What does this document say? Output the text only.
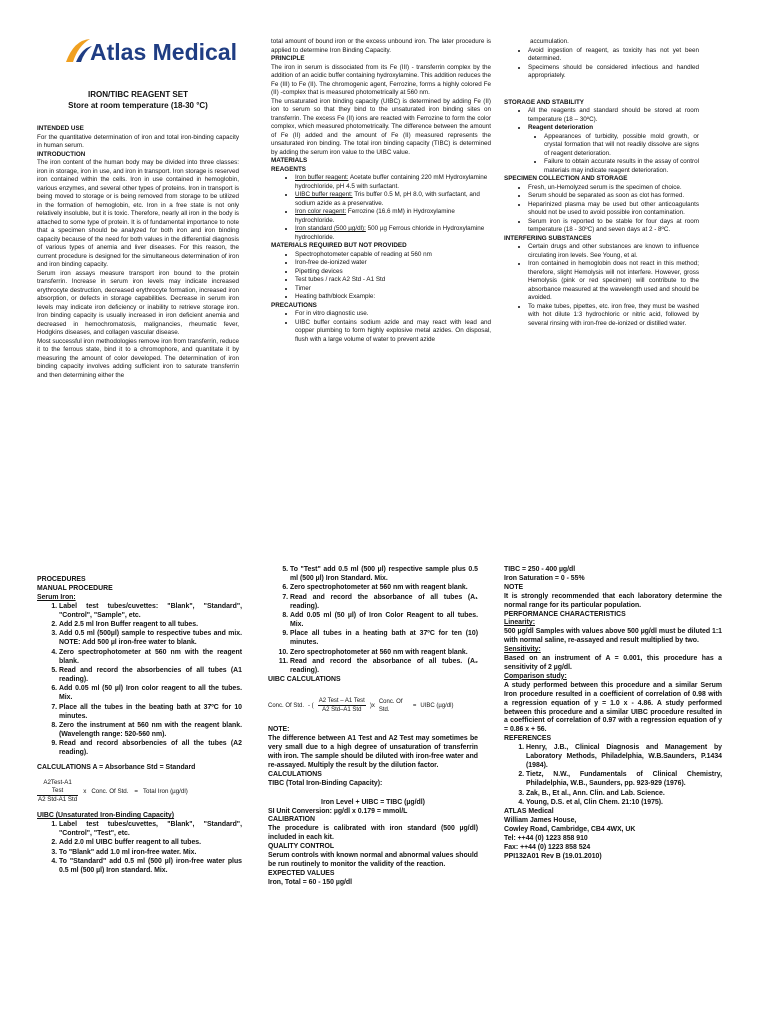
Atlas Medical
IRON/TIBC REAGENT SET
Store at room temperature (18-30 °C)

INTENDED USE

For the quantitative determination of iron and total iron-binding capacity in human serum.

INTRODUCTION

The iron content of the human body may be divided into three classes: iron in storage, iron in use, and iron in transport. Iron storage is reserved iron contained within the cells. Iron in use contained in hemoglobin, various enzymes, and several other types of proteins. Iron in transport is being moved to storage or is being removed from storage to be utilized in the formation of hemoglobin, etc. Iron in a free state is not only relatively insoluble, but it is toxic. Therefore, nearly all iron in the body is attached to some type of protein. It is of fundamental importance to note that a specimen should be analyzed for both iron and iron binding capacity because of the need for both values in the differential diagnosis of various types of anemia and liver diseases. For this reason, the current procedure is designed for the simultaneous determination of iron and iron binding capacity.

Serum iron assays measure transport iron bound to the protein transferrin. Increase in serum iron levels may indicate increased erythrocyte destruction, decreased erythrocyte formation, increased iron absorption, or defects in storage capabilities. Decrease in serum iron levels may indicate iron deficiency or inability to retrieve storage iron. Iron binding capacity is usually increased in iron deficient anemia and decreased in hemochromatosis, malignancies, rheumatic fever, Hodgkins diseases, and collagen vascular disease.

Most successful iron methodologies remove iron from transferrin, reduce it to the ferrous state, bind it to a chromophore, and quantitate it by measuring the amount of color developed. The determination of iron binding capacity involves adding sufficient iron to saturate transferrin and then determining either the

total amount of bound iron or the excess unbound iron. The later procedure is applied to determine Iron Binding Capacity.

PRINCIPLE

The iron in serum is dissociated from its Fe (III) - transferrin complex by the addition of an acidic buffer containing hydroxylamine. This addition reduces the Fe (III) to Fe (II). The chromogenic agent, Ferrozine, forms a highly colored Fe (II) -complex that is measured photometrically at 560 nm.

The unsaturated iron binding capacity (UIBC) is determined by adding Fe (II) ion to serum so that they bind to the unsaturated iron binding sites on transferrin. The excess Fe (II) ions are reacted with Ferrozine to form the color complex, which measured photometrically. The difference between the amount of Fe (II) added and the amount of Fe (II) measured represents the unsaturated iron binding. The total iron binding capacity (TIBC) is determined by adding the serum iron value to the UIBC value.

MATERIALS

REAGENTS

• Iron buffer reagent: Acetate buffer containing 220 mM Hydroxylamine hydrochloride, pH 4.5 with surfactant.
• UIBC buffer reagent: Tris buffer 0.5 M, pH 8.0, with surfactant, and sodium azide as a preservative.
• Iron color reagent: Ferrozine (16.6 mM) in Hydroxylamine hydrochloride.
• Iron standard (500 µg/dl): 500 µg Ferrous chloride in Hydroxylamine hydrochloride.

MATERIALS REQUIRED BUT NOT PROVIDED

• Spectrophotometer capable of reading at 560 nm
• Iron-free de-ionized water
• Pipetting devices
• Test tubes / rack A2 Std - A1 Std
• Timer
• Heating bath/block Example:

PRECAUTIONS

• For in vitro diagnostic use.
• UIBC buffer contains sodium azide and may react with lead and copper plumbing to form highly explosive metal azides. On disposal, flush with a large volume of water to prevent azide

accumulation.

• Avoid ingestion of reagent, as toxicity has not yet been determined.
• Specimens should be considered infectious and handled appropriately.

STORAGE AND STABILITY

• All the reagents and standard should be stored at room temperature (18 – 30ºC).
• Reagent deterioration
• Appearances of turbidity, possible mold growth, or crystal formation that will not readily dissolve are signs of reagent deterioration.
• Failure to obtain accurate results in the assay of control materials may indicate reagent deterioration.

SPECIMEN COLLECTION AND STORAGE

• Fresh, un-Hemolyzed serum is the specimen of choice.
• Serum should be separated as soon as clot has formed.
• Heparinized plasma may be used but other anticoagulants should not be used to avoid possible iron contamination.
• Serum iron is reported to be stable for four days at room temperature (18 - 30ºC) and seven days at 2 - 8ºC.

INTERFERING SUBSTANCES

• Certain drugs and other substances are known to influence circulating iron levels. See Young, et al.
• Iron contained in hemoglobin does not react in this method; therefore, slight Hemolysis will not interfere. However, gross Hemolysis (pink or red specimen) will contribute to the absorbance measured at the wavelength used and should be avoided.
• To make tubes, pipettes, etc. iron free, they must be washed with hot dilute 1:3 hydrochloric or nitric acid, followed by several rinsing with iron-free de-ionized or distilled water.

PROCEDURES

MANUAL PROCEDURE

Serum Iron:

1. Label test tubes/cuvettes: "Blank", "Standard", "Control", "Sample", etc.
2. Add 2.5 ml Iron Buffer reagent to all tubes.
3. Add 0.5 ml (500µl) sample to respective tubes and mix. NOTE: Add 500 µl iron-free water to blank.
4. Zero spectrophotometer at 560 nm with the reagent blank.
5. Read and record the absorbencies of all tubes (A1 reading).
6. Add 0.05 ml (50 µl) Iron color reagent to all the tubes. Mix.
7. Place all the tubes in the beating bath at 37ºC for 10 minutes.
8. Zero the instrument at 560 nm with the reagent blank. (Wavelength range: 520-560 nm).
9. Read and record absorbencies of all the tubes (A2 reading).

CALCULATIONS A = Absorbance Std = Standard

A2Test-A1
Test
A2 Std-A1 Std
x Conc. Of Std. = Total Iron (µg/dl)

UIBC (Unsaturated Iron-Binding Capacity)

1. Label test tubes/cuvettes, "Blank", "Standard", "Control", "Test", etc.
2. Add 2.0 ml UIBC buffer reagent to all tubes.
3. To "Blank" add 1.0 ml iron-free water. Mix.
4. To "Standard" add 0.5 ml (500 µl) iron-free water plus 0.5 ml (500 µl) Iron standard. Mix.
5. To "Test" add 0.5 ml (500 µl) respective sample plus 0.5 ml (500 µl) Iron Standard. Mix.
6. Zero spectrophotometer at 560 nm with reagent blank.
7. Read and record the absorbance of all tubes (A₁ reading).
8. Add 0.05 ml (50 µl) of Iron Color Reagent to all tubes. Mix.
9. Place all tubes in a heating bath at 37ºC for ten (10) minutes.
10. Zero spectrophotometer at 560 nm with reagent blank.
11. Read and record the absorbance of all tubes. (A₂ reading).

UIBC CALCULATIONS

Conc. Of Std. - ( $\frac{\text{A2 Test – A1 Test}}{\text{A2 Std–A1 Std}} )x$
Conc. Of Std.
= UIBC (µg/dl)

NOTE:

The difference between A1 Test and A2 Test may sometimes be very small due to a high degree of unsaturation of transferrin with iron. The sample should be diluted with iron-free water and re-assayed. Multiply the result by the dilution factor.

CALCULATIONS

TIBC (Total Iron-Binding Capacity):

Iron Level + UIBC = TIBC (µg/dl)

SI Unit Conversion: µg/dl x 0.179 = mmol/L

CALIBRATION

The procedure is calibrated with iron standard (500 µg/dl) included in each kit.

QUALITY CONTROL

Serum controls with known normal and abnormal values should be run routinely to monitor the validity of the reaction.

EXPECTED VALUES

Iron, Total = 60 - 150 µg/dl

TIBC = 250 - 400 µg/dl

Iron Saturation = 0 - 55%

NOTE

It is strongly recommended that each laboratory determine the normal range for its particular population.

PERFORMANCE CHARACTERISTICS

Linearity:

500 µg/dl Samples with values above 500 µg/dl must be diluted 1:1 with normal saline, re-assayed and result multiplied by two.

Sensitivity:

Based on an instrument of A = 0.001, this procedure has a sensitivity of 2 µg/dl.

Comparison study:

A study performed between this procedure and a similar Serum Iron procedure resulted in a coefficient of correlation of 0.98 with a regression equation of y = 1.0 x - 4.86. A study performed between this procedure and a similar UIBC procedure resulted in a coefficient of correlation of 0.97 with a regression equation of y = 0.86 x + 56.

REFERENCES

1. Henry, J.B., Clinical Diagnosis and Management by Laboratory Methods, Philadelphia, W.B.Saunders, P.1434 (1984).
2. Tietz, N.W., Fundamentals of Clinical Chemistry, Philadelphia, W.B., Saunders, pp. 923-929 (1976).
3. Zak, B., Et al., Ann. Clin. and Lab. Science.
4. Young, D.S. et al, Clin Chem. 21:10 (1975).

ATLAS Medical

William James House,

Cowley Road, Cambridge, CB4 4WX, UK

Tel: ++44 (0) 1223 858 910

Fax: ++44 (0) 1223 858 524

PPI132A01 Rev B (19.01.2010)
